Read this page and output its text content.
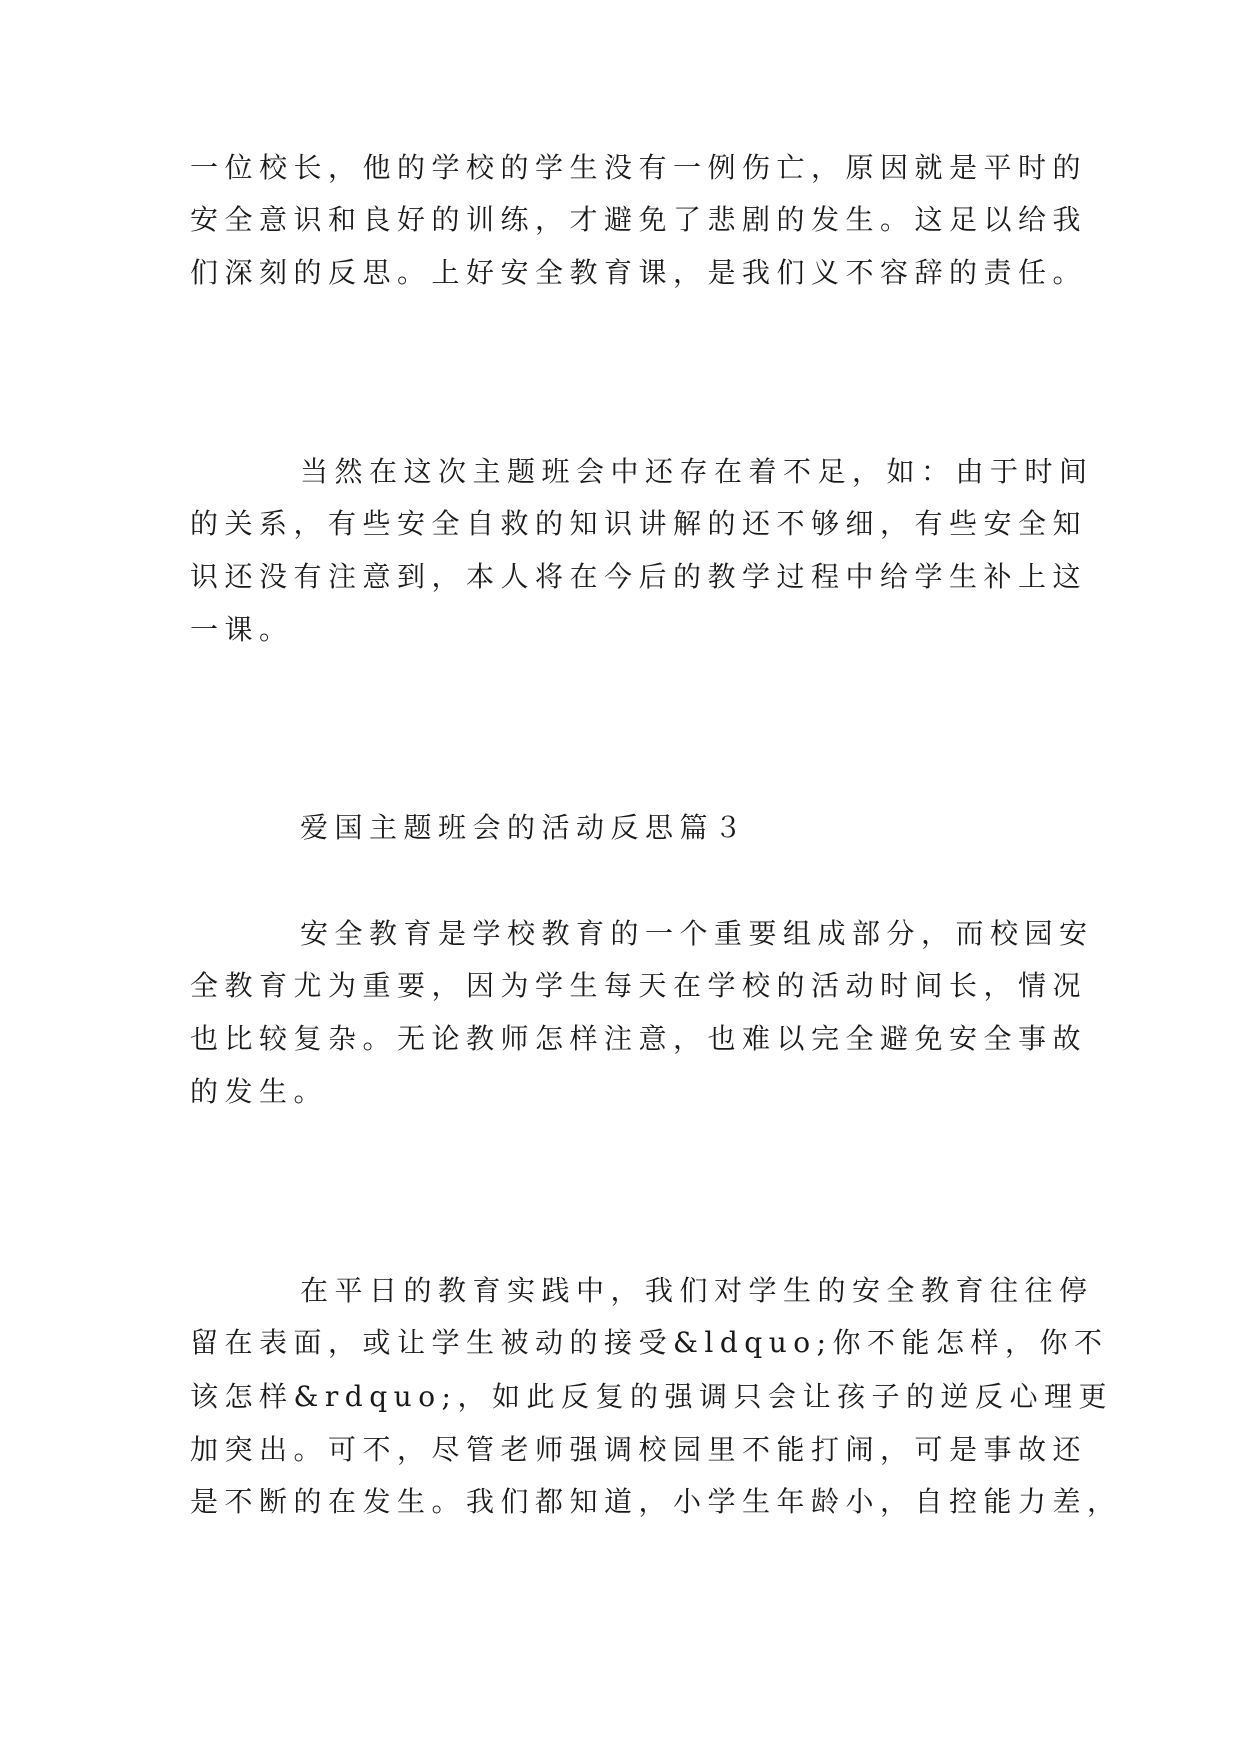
一位校长，他的学校的学生没有一例伤亡，原因就是平时的
安全意识和良好的训练，才避免了悲剧的发生。这足以给我
们深刻的反思。上好安全教育课，是我们义不容辞的责任。
当然在这次主题班会中还存在着不足，如：由于时间
的关系，有些安全自救的知识讲解的还不够细，有些安全知
识还没有注意到，本人将在今后的教学过程中给学生补上这
一课。
爱国主题班会的活动反思篇３
安全教育是学校教育的一个重要组成部分，而校园安
全教育尤为重要，因为学生每天在学校的活动时间长，情况
也比较复杂。无论教师怎样注意，也难以完全避免安全事故
的发生。
在平日的教育实践中，我们对学生的安全教育往往停
留在表面，或让学生被动的接受&ldquo;你不能怎样，你不
该怎样&rdquo;，如此反复的强调只会让孩子的逆反心理更
加突出。可不，尽管老师强调校园里不能打闹，可是事故还
是不断的在发生。我们都知道，小学生年龄小，自控能力差，
